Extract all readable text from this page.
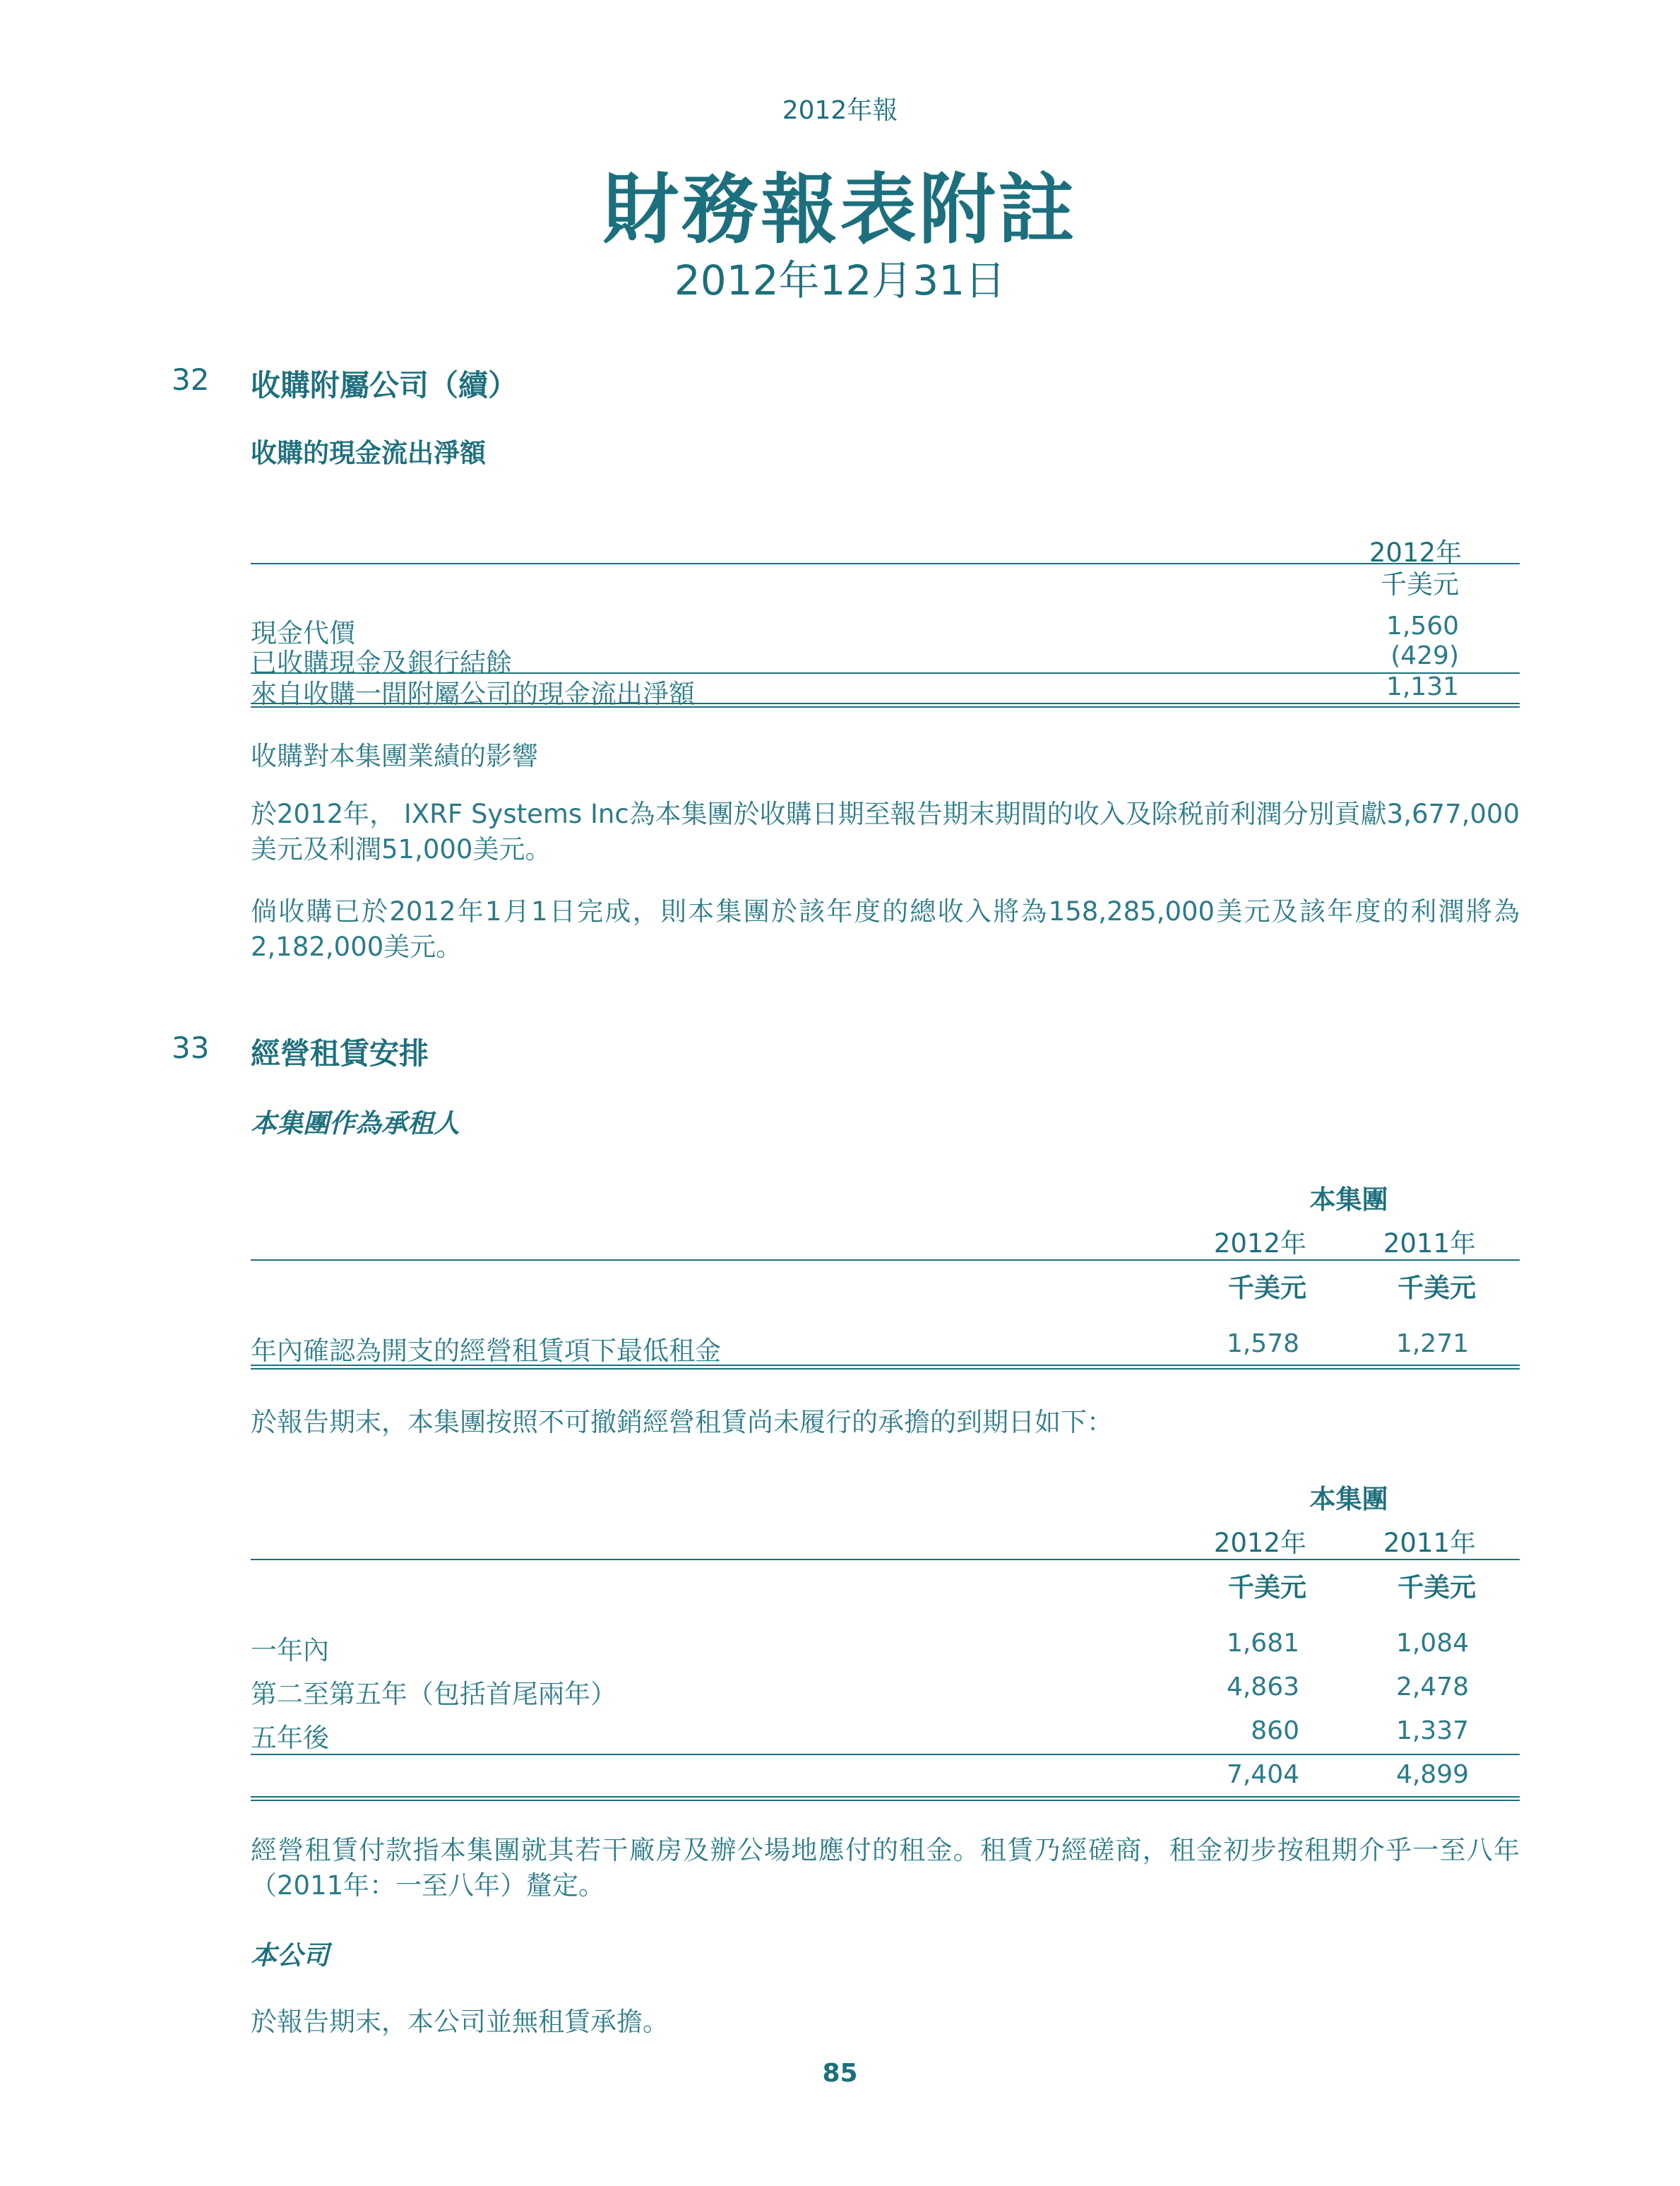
2012年報
財務報表附註
2012年12月31日
32 收購附屬公司（續）
收購的現金流出淨額
2012年
千美元
現金代價	1,560
已收購現金及銀行結餘	(429)
來自收購一間附屬公司的現金流出淨額	1,131
收購對本集團業績的影響
於2012年， IXRF Systems Inc為本集團於收購日期至報告期末期間的收入及除税前利潤分別貢獻3,677,000美元及利潤51,000美元。
倘收購已於2012年1月1日完成，則本集團於該年度的總收入將為158,285,000美元及該年度的利潤將為2,182,000美元。
33 經營租賃安排
本集團作為承租人
本集團
2012年	2011年
千美元	千美元
年內確認為開支的經營租賃項下最低租金	1,578	1,271
於報告期末，本集團按照不可撤銷經營租賃尚未履行的承擔的到期日如下：
本集團
2012年	2011年
千美元	千美元
一年內	1,681	1,084
第二至第五年（包括首尾兩年）	4,863	2,478
五年後	860	1,337
7,404	4,899
經營租賃付款指本集團就其若干廠房及辦公場地應付的租金。租賃乃經磋商，租金初步按租期介乎一至八年（2011年：一至八年）釐定。
本公司
於報告期末，本公司並無租賃承擔。
85
